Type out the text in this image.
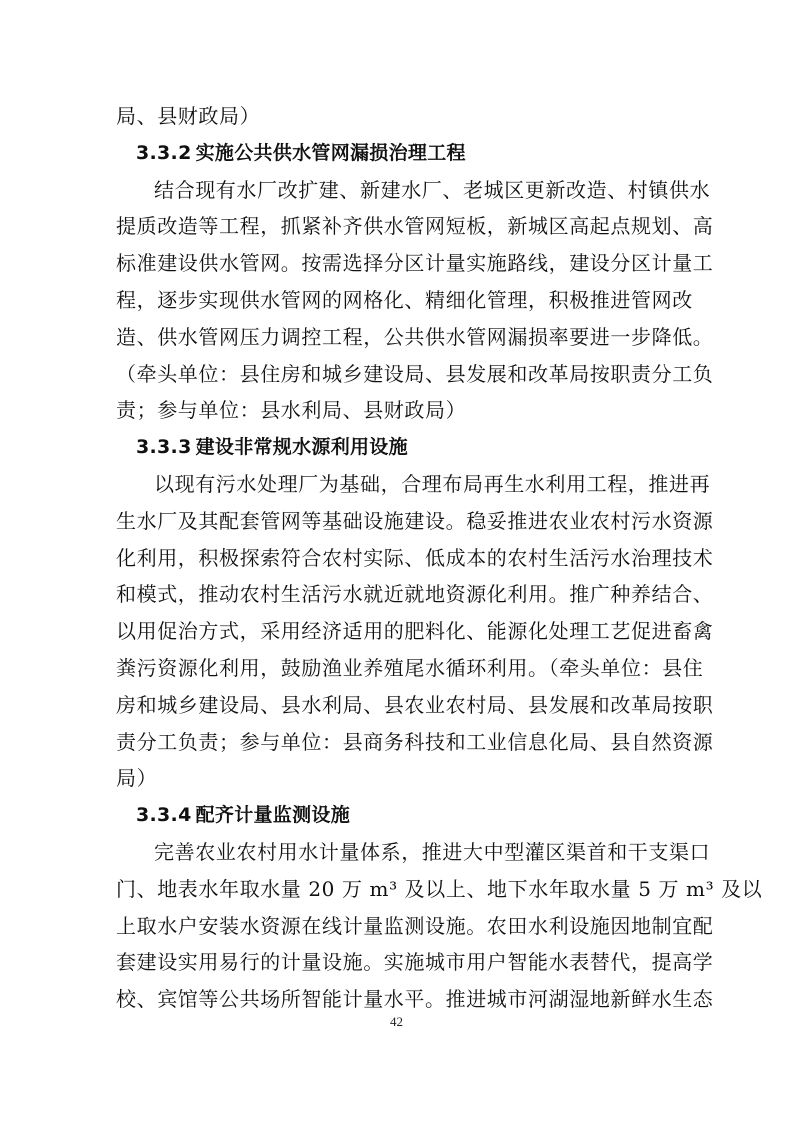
局、县财政局）
3.3.2 实施公共供水管网漏损治理工程
结合现有水厂改扩建、新建水厂、老城区更新改造、村镇供水
提质改造等工程，抓紧补齐供水管网短板，新城区高起点规划、高
标准建设供水管网。按需选择分区计量实施路线，建设分区计量工
程，逐步实现供水管网的网格化、精细化管理，积极推进管网改
造、供水管网压力调控工程，公共供水管网漏损率要进一步降低。
（牵头单位：县住房和城乡建设局、县发展和改革局按职责分工负
责；参与单位：县水利局、县财政局）
3.3.3 建设非常规水源利用设施
以现有污水处理厂为基础，合理布局再生水利用工程，推进再
生水厂及其配套管网等基础设施建设。稳妥推进农业农村污水资源
化利用，积极探索符合农村实际、低成本的农村生活污水治理技术
和模式，推动农村生活污水就近就地资源化利用。推广种养结合、
以用促治方式，采用经济适用的肥料化、能源化处理工艺促进畜禽
粪污资源化利用，鼓励渔业养殖尾水循环利用。（牵头单位：县住
房和城乡建设局、县水利局、县农业农村局、县发展和改革局按职
责分工负责；参与单位：县商务科技和工业信息化局、县自然资源
局）
3.3.4 配齐计量监测设施
完善农业农村用水计量体系，推进大中型灌区渠首和干支渠口
门、地表水年取水量 20 万 m³ 及以上、地下水年取水量 5 万 m³ 及以
上取水户安装水资源在线计量监测设施。农田水利设施因地制宜配
套建设实用易行的计量设施。实施城市用户智能水表替代，提高学
校、宾馆等公共场所智能计量水平。推进城市河湖湿地新鲜水生态
42
